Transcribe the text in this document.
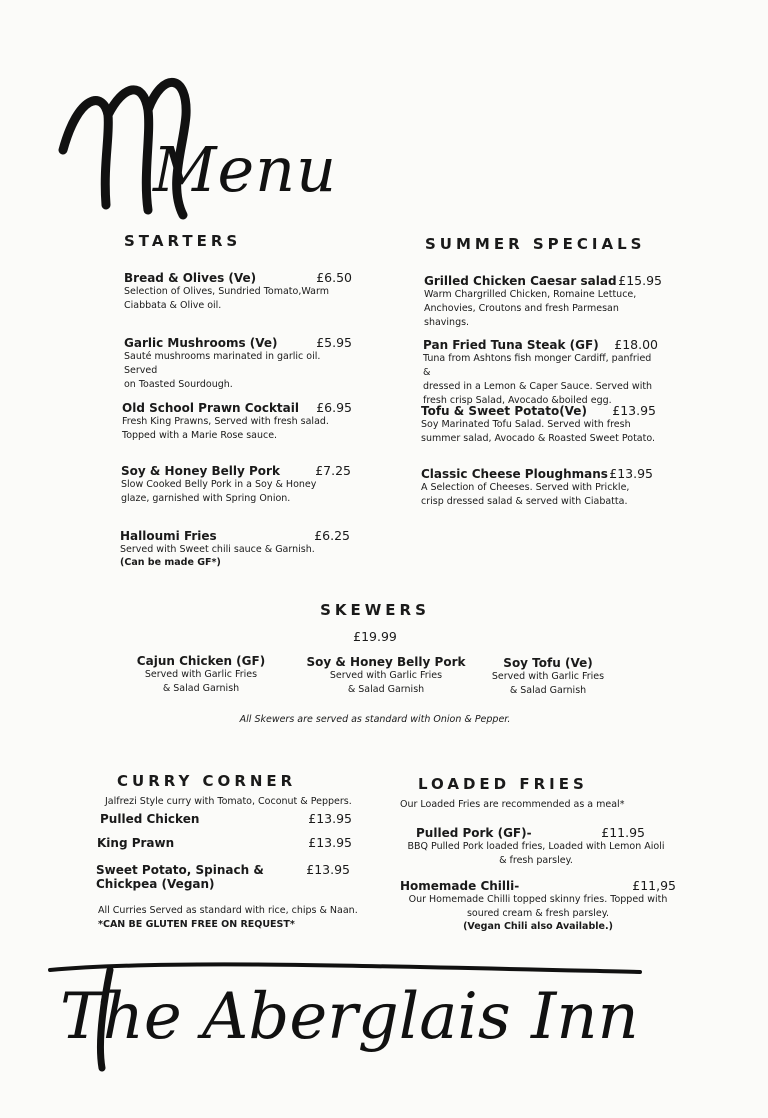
Menu
STARTERS
Bread & Olives (Ve)	£6.50
Selection of Olives, Sundried Tomato,Warm
Ciabbata & Olive oil.
Garlic Mushrooms (Ve)	£5.95
Sauté mushrooms marinated in garlic oil. Served
on Toasted Sourdough.
Old School Prawn Cocktail £6.95
Fresh King Prawns, Served with fresh salad.
Topped with a Marie Rose sauce.
Soy & Honey Belly Pork	£7.25
Slow Cooked Belly Pork in a Soy & Honey
glaze, garnished with Spring Onion.
Halloumi Fries	£6.25
Served with Sweet chili sauce & Garnish.
(Can be made GF*)
SUMMER SPECIALS
Grilled Chicken Caesar salad £15.95
Warm Chargrilled Chicken, Romaine Lettuce,
Anchovies, Croutons and fresh Parmesan shavings.
Pan Fried Tuna Steak (GF) £18.00
Tuna from Ashtons fish monger Cardiff, panfried &
dressed in a Lemon & Caper Sauce. Served with
fresh crisp Salad, Avocado &boiled egg.
Tofu & Sweet Potato(Ve) £13.95
Soy Marinated Tofu Salad. Served with fresh
summer salad, Avocado & Roasted Sweet Potato.
Classic Cheese Ploughmans £13.95
A Selection of Cheeses. Served with Prickle,
crisp dressed salad & served with Ciabatta.
SKEWERS
£19.99
Cajun Chicken (GF)
Served with Garlic Fries
& Salad Garnish
Soy & Honey Belly Pork
Served with Garlic Fries
& Salad Garnish
Soy Tofu (Ve)
Served with Garlic Fries
& Salad Garnish
All Skewers are served as standard with Onion & Pepper.
CURRY CORNER
Jalfrezi Style curry with Tomato, Coconut & Peppers.
Pulled Chicken	£13.95
King Prawn	£13.95
Sweet Potato, Spinach &
Chickpea (Vegan)
£13.95
All Curries Served as standard with rice, chips & Naan.
*CAN BE GLUTEN FREE ON REQUEST*
LOADED FRIES
Our Loaded Fries are recommended as a meal*
Pulled Pork (GF)-	£11.95
BBQ Pulled Pork loaded fries, Loaded with Lemon Aioli
& fresh parsley.
Homemade Chilli-	£11,95
Our Homemade Chilli topped skinny fries. Topped with
soured cream & fresh parsley.
(Vegan Chili also Available.)
The Aberglais Inn
